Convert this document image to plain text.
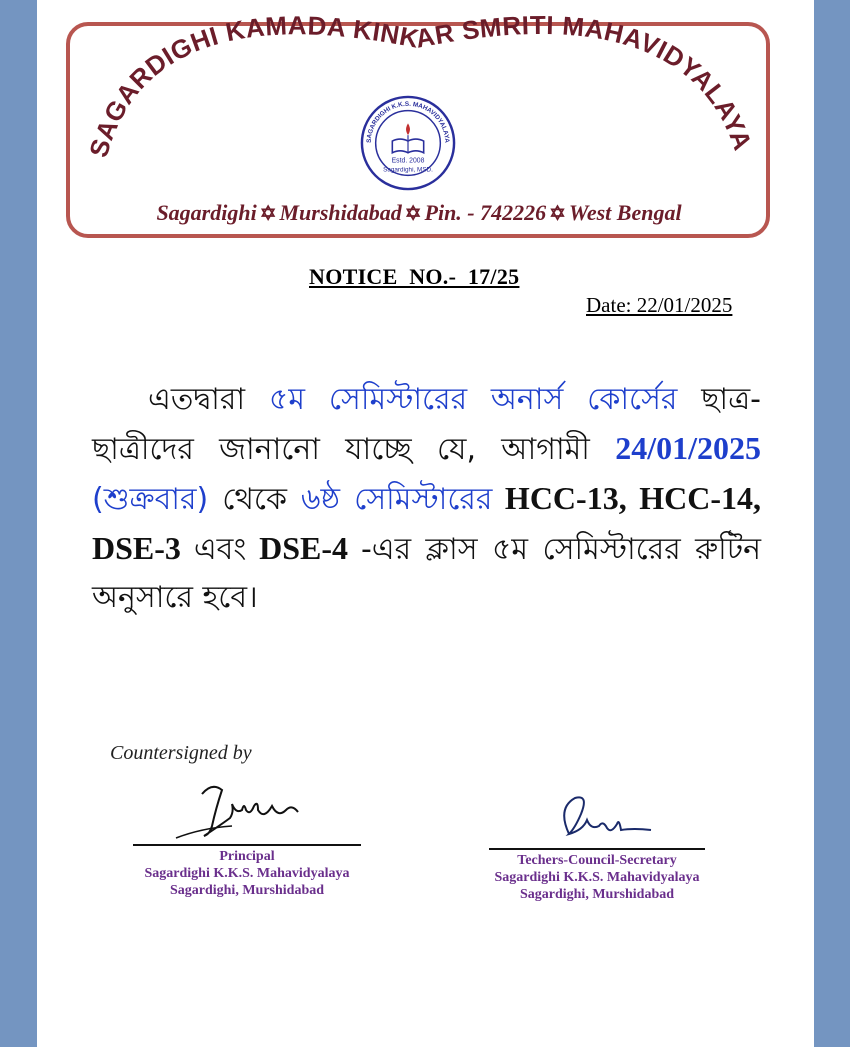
SAGARDIGHI KAMADA KINKAR SMRITI MAHAVIDYALAYA
SAGARDIGHI K.K.S. MAHAVIDYALAYA
Estd. 2008
Sagardighi, MSD.
Sagardighi ✡ Murshidabad ✡ Pin. - 742226 ✡ West Bengal
NOTICE  NO.-  17/25
Date: 22/01/2025
এতদ্বারা ৫ম সেমিস্টারের অনার্স কোর্সের ছাত্র-ছাত্রীদের জানানো যাচ্ছে যে, আগামী 24/01/2025 (শুক্রবার) থেকে ৬ষ্ঠ সেমিস্টারের HCC-13, HCC-14, DSE-3 এবং DSE-4 -এর ক্লাস ৫ম সেমিস্টারের রুটিন অনুসারে হবে।
Countersigned by
Principal
Sagardighi K.K.S. Mahavidyalaya
Sagardighi, Murshidabad
Techers-Council-Secretary
Sagardighi K.K.S. Mahavidyalaya
Sagardighi, Murshidabad
